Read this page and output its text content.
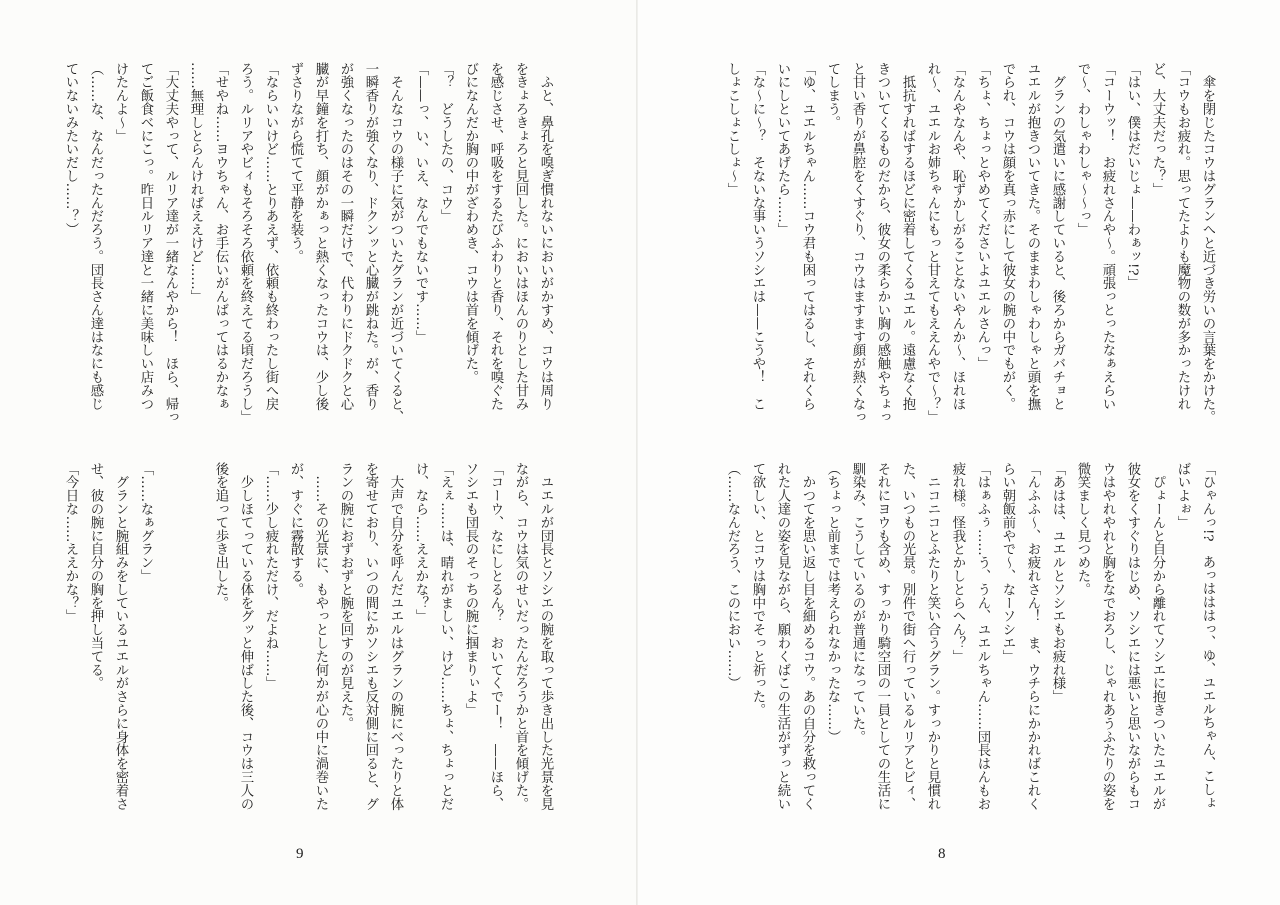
　ふと、鼻孔を嗅ぎ慣れないにおいがかすめ、コウは周り
をきょろきょろと見回した。においはほんのりとした甘み
を感じさせ、呼吸をするたびふわりと香り、それを嗅ぐた
びになんだか胸の中がざわめき、コウは首を傾げた。
「？　どうしたの、コウ」
「——っ、い、いえ、なんでもないです……」
　そんなコウの様子に気がついたグランが近づいてくると、
一瞬香りが強くなり、ドクンッと心臓が跳ねた。が、香り
が強くなったのはその一瞬だけで、代わりにドクドクと心
臓が早鐘を打ち、顔がかぁっと熱くなったコウは、少し後
ずさりながら慌てて平静を装う。
「ならいいけど……とりあえず、依頼も終わったし街へ戻
ろう。ルリアやビィもそろそろ依頼を終えてる頃だろうし」
「せやね……ヨウちゃん、お手伝いがんばってはるかなぁ
……無理しとらんければええけど……」
「大丈夫やって、ルリア達が一緒なんやから！　ほら、帰っ
てご飯食べにこっ。昨日ルリア達と一緒に美味しい店みつ
けたんよ〜」
（……な、なんだったんだろう。団長さん達はなにも感じ
ていないみたいだし……？）
　ユエルが団長とソシエの腕を取って歩き出した光景を見
ながら、コウは気のせいだったんだろうかと首を傾げた。
「コーウ、なにしとるん？　おいてくでー！　——ほら、
ソシエも団長のそっちの腕に掴まりぃよ」
「えぇ……は、晴れがましい、けど……ちょ、ちょっとだ
け、なら……ええかな？」
　大声で自分を呼んだユエルはグランの腕にべったりと体
を寄せており、いつの間にかソシエも反対側に回ると、グ
ランの腕におずおずと腕を回すのが見えた。
　……その光景に、もやっとした何かが心の中に渦巻いた
が、すぐに霧散する。
「……少し疲れただけ、だよね……」
　少しほてっている体をグッと伸ばした後、コウは三人の
後を追って歩き出した。
「……なぁグラン」
　グランと腕組みをしているユエルがさらに身体を密着さ
せ、彼の腕に自分の胸を押し当てる。
「今日な……ええかな？」
9
　傘を閉じたコウはグランへと近づき労いの言葉をかけた。
「コウもお疲れ。思ってたよりも魔物の数が多かったけれ
ど、大丈夫だった？」
「はい、僕はだいじょ——わぁッ!?」
「コーウッ！　お疲れさんや〜。頑張っとったなぁえらい
で〜、わしゃわしゃ〜〜っ」
　グランの気遣いに感謝していると、後ろからガバチョと
ユエルが抱きついてきた。そのままわしゃわしゃと頭を撫
でられ、コウは顔を真っ赤にして彼女の腕の中でもがく。
「ちょ、ちょっとやめてくださいよユエルさんっ」
「なんやなんや、恥ずかしがることないやんか〜、ほれほ
れ〜、ユエルお姉ちゃんにもっと甘えてもええんやで〜？」
　抵抗すればするほどに密着してくるユエル。遠慮なく抱
きついてくるものだから、彼女の柔らかい胸の感触やちょっ
と甘い香りが鼻腔をくすぐり、コウはますます顔が熱くなっ
てしまう。
「ゆ、ユエルちゃん……コウ君も困ってはるし、それくら
いにしといてあげたら……」
「な〜に〜？　そないな事いうソシエは——こうや！　こ
しょこしょこしょ〜」
「ひゃんっ!?　あっはははっ、ゆ、ユエルちゃん、こしょ
ばいよぉ」
　ぴょーんと自分から離れてソシエに抱きついたユエルが
彼女をくすぐりはじめ、ソシエには悪いと思いながらもコ
ウはやれやれと胸をなでおろし、じゃれあうふたりの姿を
微笑ましく見つめた。
「あはは、ユエルとソシエもお疲れ様」
「んふふ〜、お疲れさん！　ま、ウチらにかかればこれく
らい朝飯前やで〜、なーソシエ」
「はぁふぅ……う、うん、ユエルちゃん……団長はんもお
疲れ様。怪我とかしとらへん？」
　ニコニコとふたりと笑い合うグラン。すっかりと見慣れ
た、いつもの光景。別件で街へ行っているルリアとビィ、
それにヨウも含め、すっかり騎空団の一員としての生活に
馴染み、こうしているのが普通になっていた。
（ちょっと前までは考えられなかったな……）
　かつてを思い返し目を細めるコウ。あの自分を救ってく
れた人達の姿を見ながら、願わくばこの生活がずっと続い
て欲しい、とコウは胸中でそっと祈った。
（……なんだろう、このにおい……）
8
